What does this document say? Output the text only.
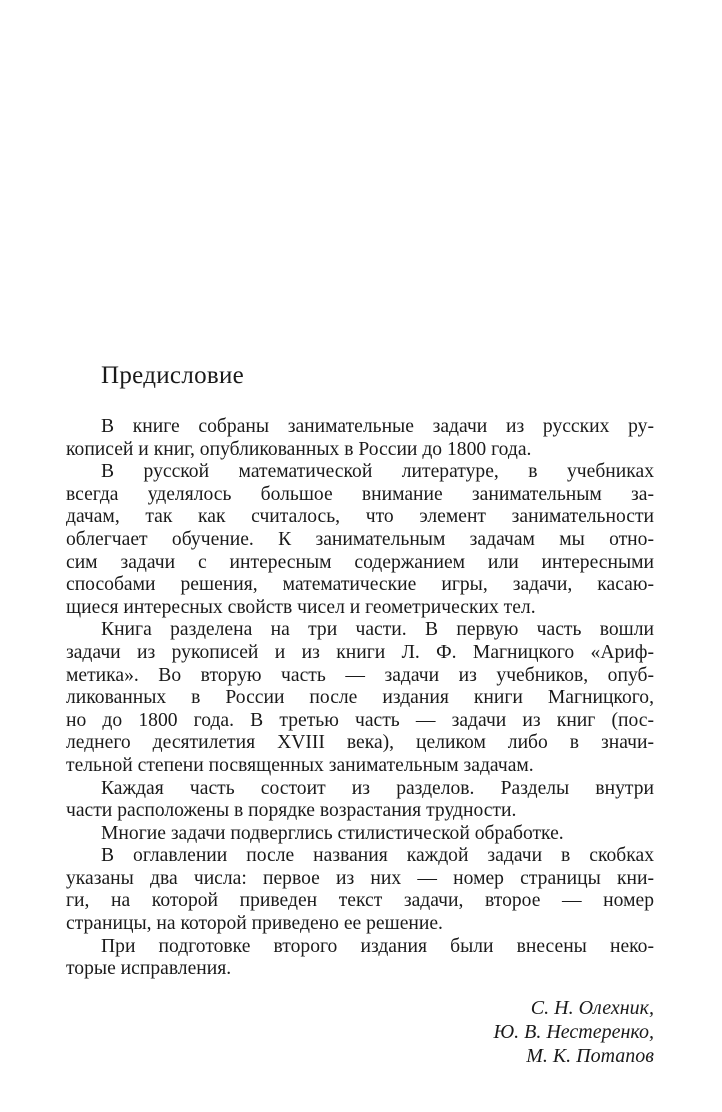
Предисловие
В книге собраны занимательные задачи из русских ру-
кописей и книг, опубликованных в России до 1800 года.
В русской математической литературе, в учебниках
всегда уделялось большое внимание занимательным за-
дачам, так как считалось, что элемент занимательности
облегчает обучение. К занимательным задачам мы отно-
сим задачи с интересным содержанием или интересными
способами решения, математические игры, задачи, касаю-
щиеся интересных свойств чисел и геометрических тел.
Книга разделена на три части. В первую часть вошли
задачи из рукописей и из книги Л. Ф. Магницкого «Ариф-
метика». Во вторую часть — задачи из учебников, опуб-
ликованных в России после издания книги Магницкого,
но до 1800 года. В третью часть — задачи из книг (пос-
леднего десятилетия XVIII века), целиком либо в значи-
тельной степени посвященных занимательным задачам.
Каждая часть состоит из разделов. Разделы внутри
части расположены в порядке возрастания трудности.
Многие задачи подверглись стилистической обработке.
В оглавлении после названия каждой задачи в скобках
указаны два числа: первое из них — номер страницы кни-
ги, на которой приведен текст задачи, второе — номер
страницы, на которой приведено ее решение.
При подготовке второго издания были внесены неко-
торые исправления.
С. Н. Олехник,
Ю. В. Нестеренко,
М. К. Потапов
